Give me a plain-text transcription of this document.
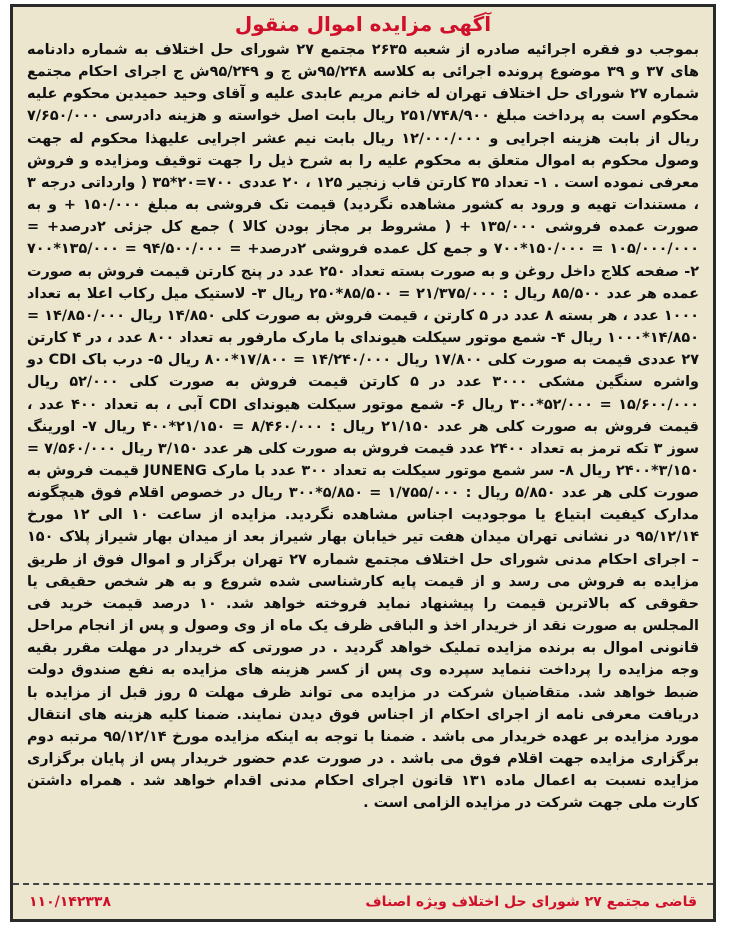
آگهی مزایده اموال منقول
بموجب دو فقره اجرائیه صادره از شعبه ۲۶۳۵ مجتمع ۲۷ شورای حل اختلاف به شماره دادنامه های ۳۷ و ۳۹ موضوع پرونده اجرائی به کلاسه ۹۵/۲۴۸ش ج و ۹۵/۲۴۹ش ج اجرای احکام مجتمع شماره ۲۷ شورای حل اختلاف تهران له خانم مریم عابدی علیه و آقای وحید حمیدین محکوم علیه محکوم است به پرداخت مبلغ ۲۵۱/۷۴۸/۹۰۰ ریال بابت اصل خواسته و هزینه دادرسی ۷/۶۵۰/۰۰۰ ریال از بابت هزینه اجرایی و ۱۲/۰۰۰/۰۰۰ ریال بابت نیم عشر اجرایی علیهذا محکوم له جهت وصول محکوم به اموال متعلق به محکوم علیه را به شرح ذیل را جهت توقیف ومزایده و فروش معرفی نموده است . ۱- تعداد ۳۵ کارتن قاب زنجیر ۱۲۵ ، ۲۰ عددی ۷۰۰=۲۰*۳۵ ( وارداتی درجه ۳ ، مستندات تهیه و ورود به کشور مشاهده نگردید) قیمت تک فروشی به مبلغ ۱۵۰/۰۰۰ + و به صورت عمده فروشی ۱۳۵/۰۰۰ + ( مشروط بر مجاز بودن کالا ) جمع کل جزئی ۲درصد+ = ۱۰۵/۰۰۰/۰۰۰ = ۱۵۰/۰۰۰*۷۰۰ و جمع کل عمده فروشی ۲درصد+ = ۹۴/۵۰۰/۰۰۰ = ۱۳۵/۰۰۰*۷۰۰ ۲- صفحه کلاج داخل روغن و به صورت بسته تعداد ۲۵۰ عدد در پنج کارتن قیمت فروش به صورت عمده هر عدد ۸۵/۵۰۰ ریال : ۲۱/۳۷۵/۰۰۰ = ۸۵/۵۰۰*۲۵۰ ریال ۳- لاستیک میل رکاب اعلا به تعداد ۱۰۰۰ عدد ، هر بسته ۸ عدد در ۵ کارتن ، قیمت فروش به صورت کلی ۱۴/۸۵۰ ریال ۱۴/۸۵۰/۰۰۰ = ۱۴/۸۵۰*۱۰۰۰ ریال ۴- شمع موتور سیکلت هیوندای با مارک مارفور به تعداد ۸۰۰ عدد ، در ۴ کارتن ۲۷ عددی قیمت به صورت کلی ۱۷/۸۰۰ ریال ۱۴/۲۴۰/۰۰۰ = ۱۷/۸۰۰*۸۰۰ ریال ۵- درب باک CDI دو واشره سنگین مشکی ۳۰۰۰ عدد در ۵ کارتن قیمت فروش به صورت کلی ۵۲/۰۰۰ ریال ۱۵/۶۰۰/۰۰۰ = ۵۲/۰۰۰*۳۰۰ ریال ۶- شمع موتور سیکلت هیوندای CDI آبی ، به تعداد ۴۰۰ عدد ، قیمت فروش به صورت کلی هر عدد ۲۱/۱۵۰ ریال : ۸/۴۶۰/۰۰۰ = ۲۱/۱۵۰*۴۰۰ ریال ۷- اورینگ سوز ۳ تکه ترمز به تعداد ۲۴۰۰ عدد قیمت فروش به صورت کلی هر عدد ۳/۱۵۰ ریال ۷/۵۶۰/۰۰۰ = ۳/۱۵۰*۲۴۰۰ ریال ۸- سر شمع موتور سیکلت به تعداد ۳۰۰ عدد با مارک JUNENG قیمت فروش به صورت کلی هر عدد ۵/۸۵۰ ریال : ۱/۷۵۵/۰۰۰ = ۵/۸۵۰*۳۰۰ ریال در خصوص اقلام فوق هیچگونه مدارک کیفیت ابتیاع یا موجودیت اجناس مشاهده نگردید. مزایده از ساعت ۱۰ الی ۱۲ مورخ ۹۵/۱۲/۱۴ در نشانی تهران میدان هفت تیر خیابان بهار شیراز بعد از میدان بهار شیراز پلاک ۱۵۰ – اجرای احکام مدنی شورای حل اختلاف مجتمع شماره ۲۷ تهران برگزار و اموال فوق از طریق مزایده به فروش می رسد و از قیمت پایه کارشناسی شده شروع و به هر شخص حقیقی یا حقوقی که بالاترین قیمت را پیشنهاد نماید فروخته خواهد شد. ۱۰ درصد قیمت خرید فی المجلس به صورت نقد از خریدار اخذ و الباقی ظرف یک ماه از وی وصول و پس از انجام مراحل قانونی اموال به برنده مزایده تملیک خواهد گردید . در صورتی که خریدار در مهلت مقرر بقیه وجه مزایده را پرداخت ننماید سپرده وی پس از کسر هزینه های مزایده به نفع صندوق دولت ضبط خواهد شد. متقاضیان شرکت در مزایده می تواند ظرف مهلت ۵ روز قبل از مزایده با دریافت معرفی نامه از اجرای احکام از اجناس فوق دیدن نمایند. ضمنا کلیه هزینه های انتقال مورد مزایده بر عهده خریدار می باشد . ضمنا با توجه به اینکه مزایده مورخ ۹۵/۱۲/۱۴ مرتبه دوم برگزاری مزایده جهت اقلام فوق می باشد . در صورت عدم حضور خریدار پس از پایان برگزاری مزایده نسبت به اعمال ماده ۱۳۱ قانون اجرای احکام مدنی اقدام خواهد شد . همراه داشتن کارت ملی جهت شرکت در مزایده الزامی است .
قاضی مجتمع ۲۷ شورای حل اختلاف ویژه اصناف
۱۱۰/۱۴۲۳۳۸
